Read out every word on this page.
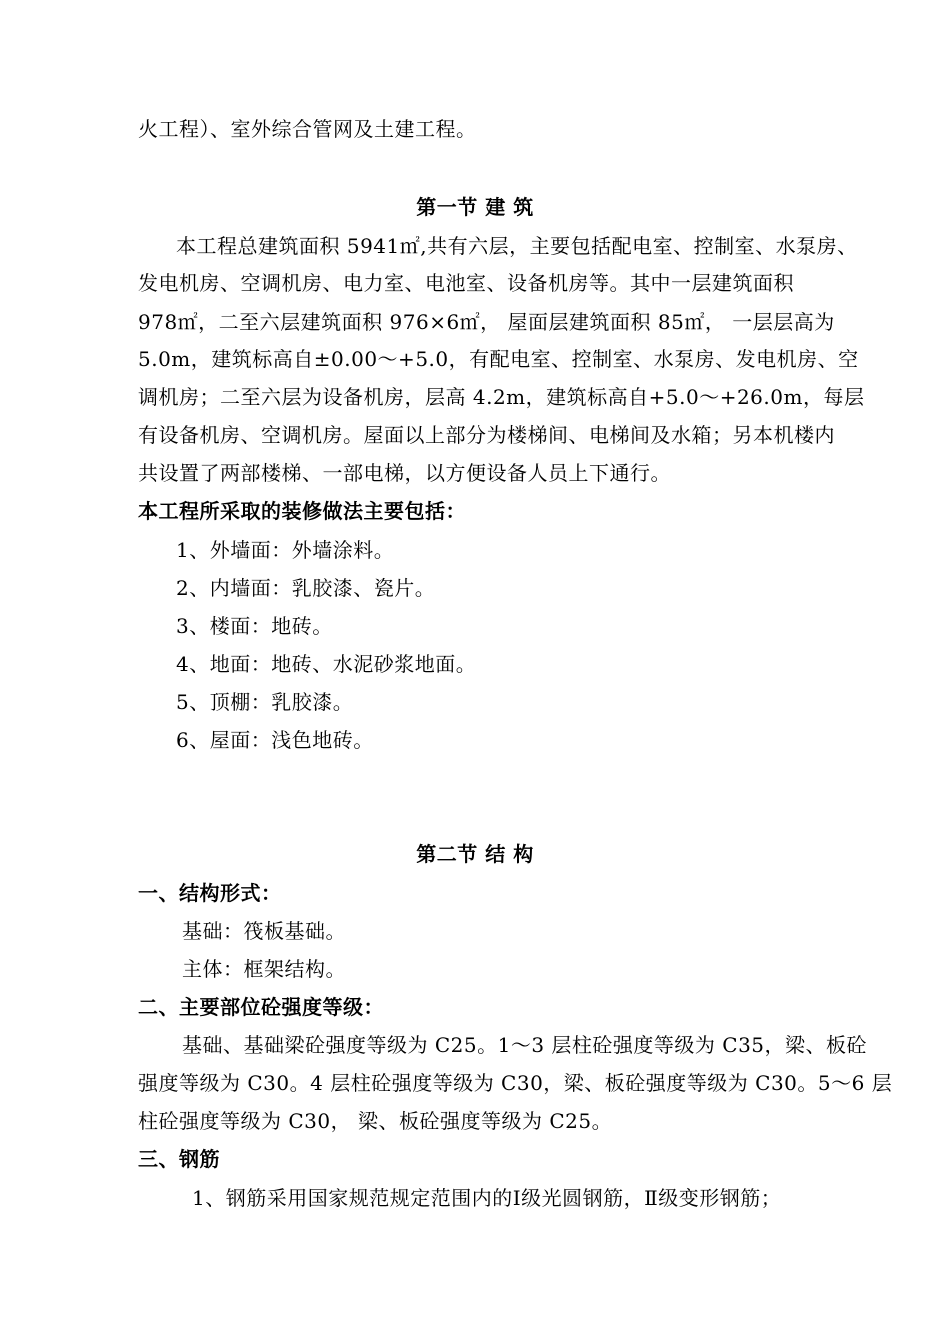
火工程）、室外综合管网及土建工程。
第一节 建 筑
本工程总建筑面积 5941㎡,共有六层，主要包括配电室、控制室、水泵房、
发电机房、空调机房、电力室、电池室、设备机房等。其中一层建筑面积
978㎡，二至六层建筑面积 976×6㎡， 屋面层建筑面积 85㎡， 一层层高为
5.0m，建筑标高自±0.00～+5.0，有配电室、控制室、水泵房、发电机房、空
调机房；二至六层为设备机房，层高 4.2m，建筑标高自+5.0～+26.0m，每层
有设备机房、空调机房。屋面以上部分为楼梯间、电梯间及水箱；另本机楼内
共设置了两部楼梯、一部电梯，以方便设备人员上下通行。
本工程所采取的装修做法主要包括：
1、外墙面：外墙涂料。
2、内墙面：乳胶漆、瓷片。
3、楼面：地砖。
4、地面：地砖、水泥砂浆地面。
5、顶棚：乳胶漆。
6、屋面：浅色地砖。
第二节 结 构
一、结构形式：
基础：筏板基础。
主体：框架结构。
二、主要部位砼强度等级：
基础、基础梁砼强度等级为 C25。1～3 层柱砼强度等级为 C35，梁、板砼
强度等级为 C30。4 层柱砼强度等级为 C30，梁、板砼强度等级为 C30。5～6 层
柱砼强度等级为 C30， 梁、板砼强度等级为 C25。
三、钢筋
1、钢筋采用国家规范规定范围内的Ⅰ级光圆钢筋，Ⅱ级变形钢筋；
